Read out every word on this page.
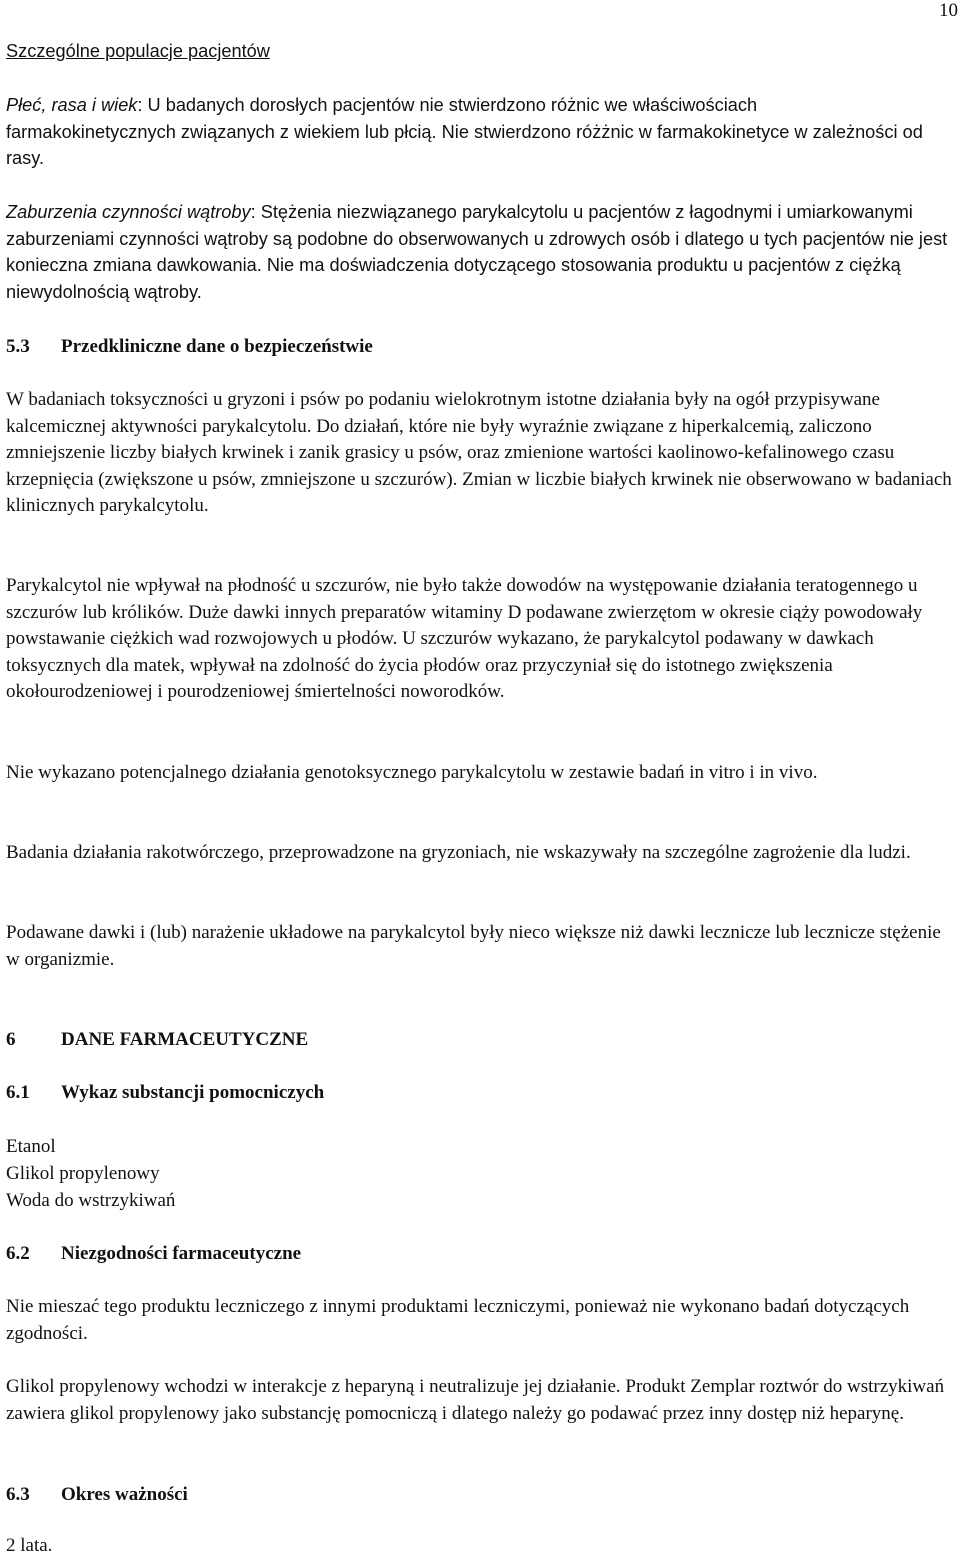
10
Szczególne populacje pacjentów
Płeć, rasa i wiek: U badanych dorosłych pacjentów nie stwierdzono różnic we właściwościach farmakokinetycznych związanych z wiekiem lub płcią. Nie stwierdzono różżnic w farmakokinetyce w zależności od rasy.
Zaburzenia czynności wątroby: Stężenia niezwiązanego parykalcytolu u pacjentów z łagodnymi i umiarkowanymi zaburzeniami czynności wątroby są podobne do obserwowanych u zdrowych osób i dlatego u tych pacjentów nie jest konieczna zmiana dawkowania. Nie ma doświadczenia dotyczącego stosowania produktu u pacjentów z ciężką niewydolnością wątroby.
5.3	Przedkliniczne dane o bezpieczeństwie

W badaniach toksyczności u gryzoni i psów po podaniu wielokrotnym istotne działania były na ogół przypisywane kalcemicznej aktywności parykalcytolu. Do działań, które nie były wyraźnie związane z hiperkalcemią, zaliczono zmniejszenie liczby białych krwinek i zanik grasicy u psów, oraz zmienione wartości kaolinowo-kefalinowego czasu krzepnięcia (zwiększone u psów, zmniejszone u szczurów). Zmian w liczbie białych krwinek nie obserwowano w badaniach klinicznych parykalcytolu.

Parykalcytol nie wpływał na płodność u szczurów, nie było także dowodów na występowanie działania teratogennego u szczurów lub królików. Duże dawki innych preparatów witaminy D podawane zwierzętom w okresie ciąży powodowały powstawanie ciężkich wad rozwojowych u płodów. U szczurów wykazano, że parykalcytol podawany w dawkach toksycznych dla matek, wpływał na zdolność do życia płodów oraz przyczyniał się do istotnego zwiększenia okołourodzeniowej i pourodzeniowej śmiertelności noworodków.

Nie wykazano potencjalnego działania genotoksycznego parykalcytolu w zestawie badań in vitro i in vivo.

Badania działania rakotwórczego, przeprowadzone na gryzoniach, nie wskazywały na szczególne zagrożenie dla ludzi.

Podawane dawki i (lub) narażenie układowe na parykalcytol były nieco większe niż dawki lecznicze lub lecznicze stężenie w organizmie.

6	DANE FARMACEUTYCZNE
6.1	Wykaz substancji pomocniczych
Etanol
Glikol propylenowy
Woda do wstrzykiwań
6.2	Niezgodności farmaceutyczne

Nie mieszać tego produktu leczniczego z innymi produktami leczniczymi, ponieważ nie wykonano badań dotyczących zgodności.

Glikol propylenowy wchodzi w interakcje z heparyną i neutralizuje jej działanie. Produkt Zemplar roztwór do wstrzykiwań zawiera glikol propylenowy jako substancję pomocniczą i dlatego należy go podawać przez inny dostęp niż heparynę.

6.3	Okres ważności

2 lata.
